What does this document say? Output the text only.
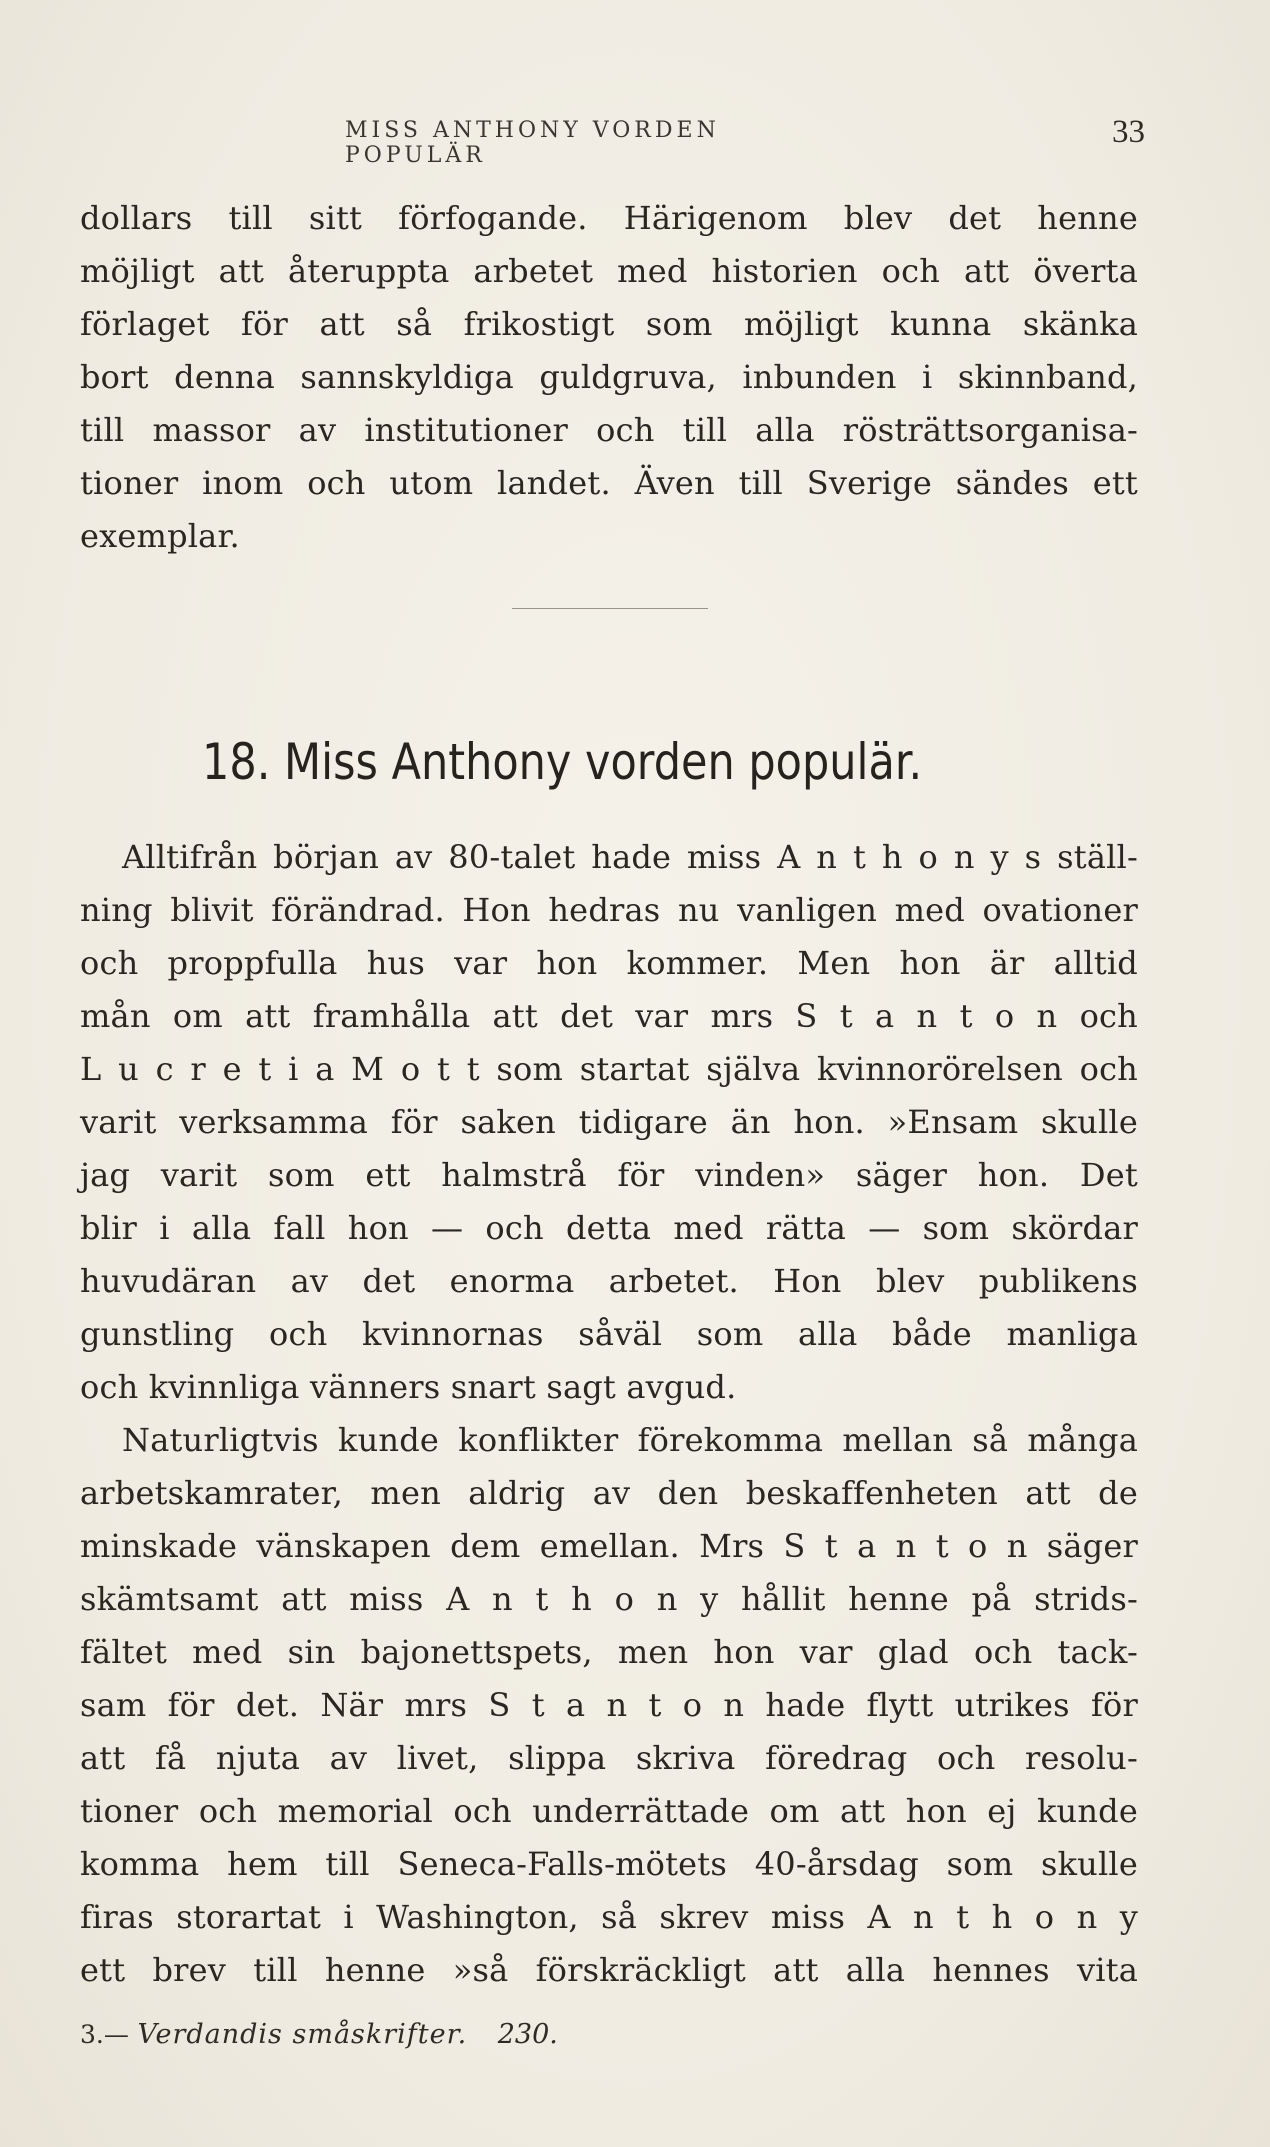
MISS ANTHONY VORDEN POPULÄR
33
dollars till sitt förfogande. Härigenom blev det henne
möjligt att återuppta arbetet med historien och att överta
förlaget för att så frikostigt som möjligt kunna skänka
bort denna sannskyldiga guldgruva, inbunden i skinnband,
till massor av institutioner och till alla rösträttsorganisa-
tioner inom och utom landet. Även till Sverige sändes ett
exemplar.
18. Miss Anthony vorden populär.
Alltifrån början av 80-talet hade miss A n t h o n y s ställ-
ning blivit förändrad. Hon hedras nu vanligen med ovationer
och proppfulla hus var hon kommer. Men hon är alltid
mån om att framhålla att det var mrs S t a n t o n och
L u c r e t i a M o t t som startat själva kvinnorörelsen och
varit verksamma för saken tidigare än hon. »Ensam skulle
jag varit som ett halmstrå för vinden» säger hon. Det
blir i alla fall hon — och detta med rätta — som skördar
huvudäran av det enorma arbetet. Hon blev publikens
gunstling och kvinnornas såväl som alla både manliga
och kvinnliga vänners snart sagt avgud.
Naturligtvis kunde konflikter förekomma mellan så många
arbetskamrater, men aldrig av den beskaffenheten att de
minskade vänskapen dem emellan. Mrs S t a n t o n säger
skämtsamt att miss A n t h o n y hållit henne på strids-
fältet med sin bajonettspets, men hon var glad och tack-
sam för det. När mrs S t a n t o n hade flytt utrikes för
att få njuta av livet, slippa skriva föredrag och resolu-
tioner och memorial och underrättade om att hon ej kunde
komma hem till Seneca-Falls-mötets 40-årsdag som skulle
firas storartat i Washington, så skrev miss A n t h o n y
ett brev till henne »så förskräckligt att alla hennes vita
3.— Verdandis småskrifter. 230.
